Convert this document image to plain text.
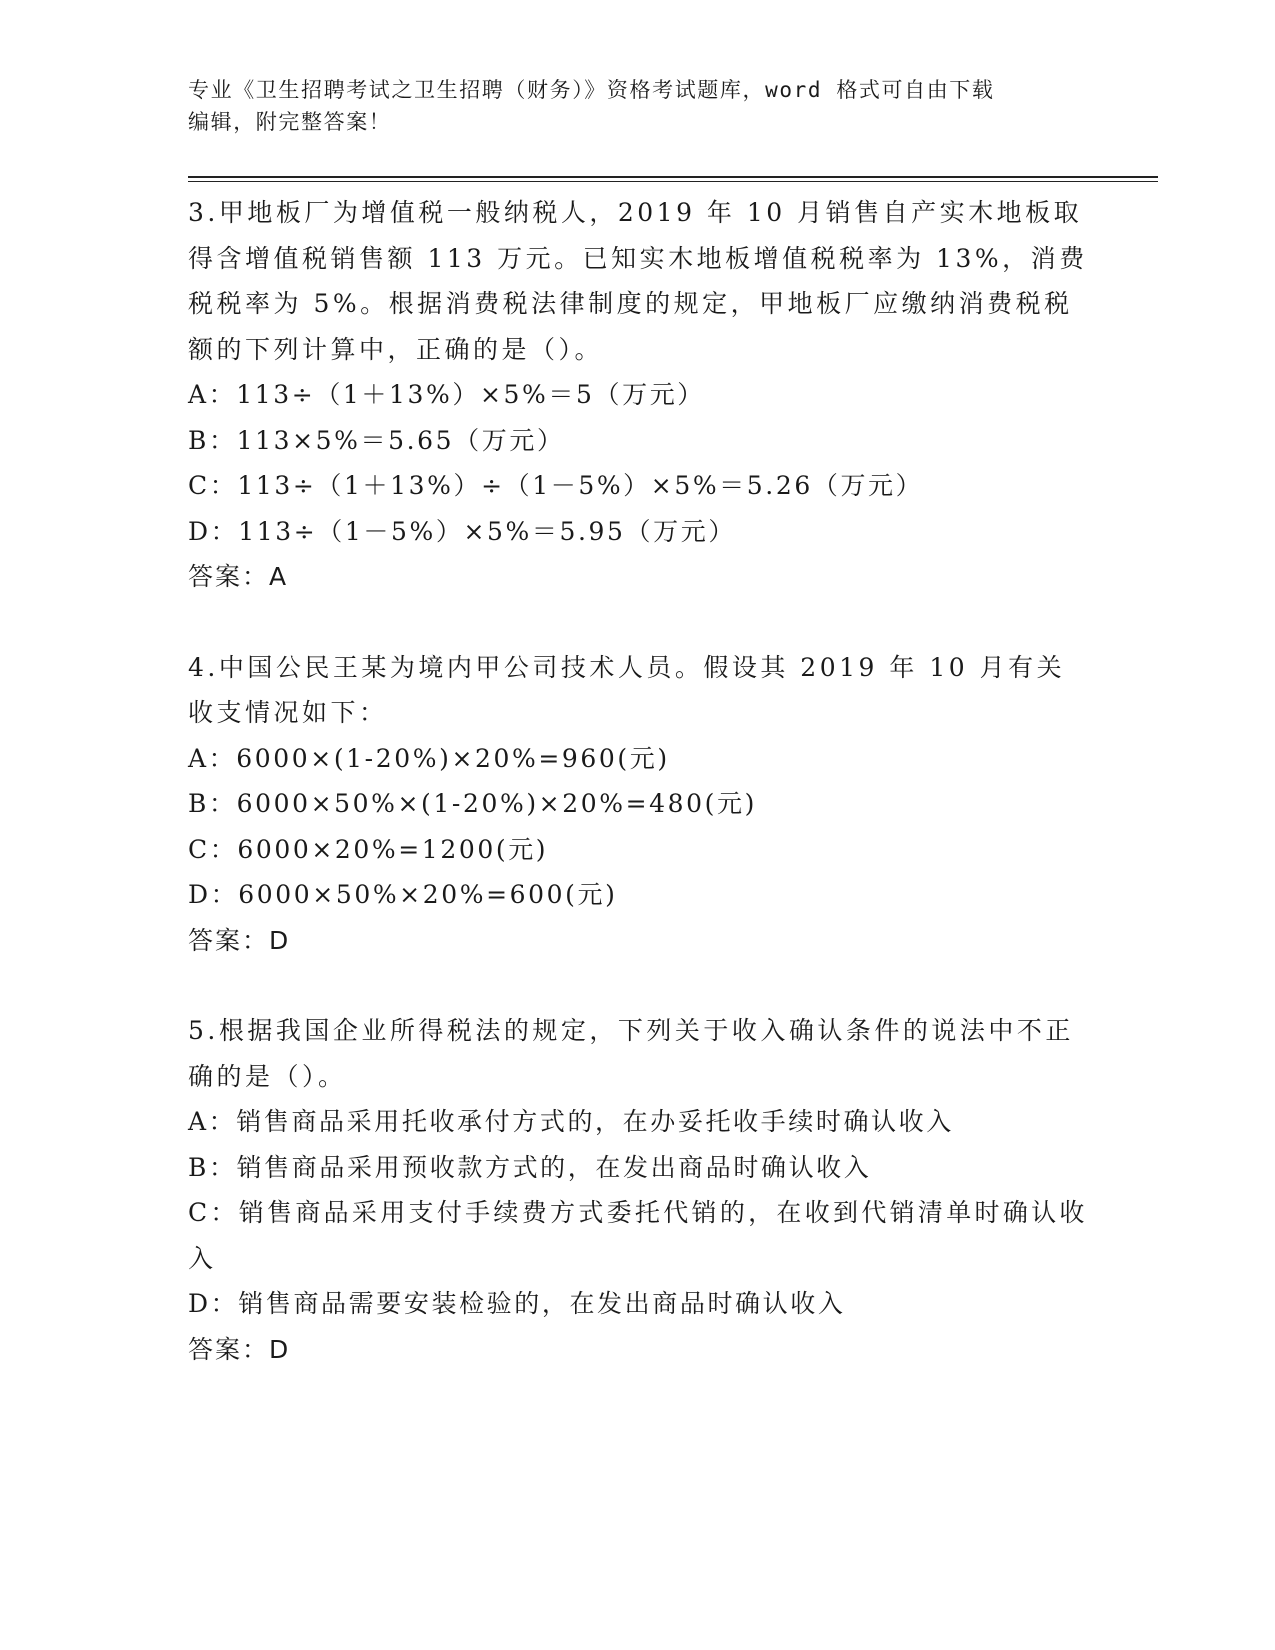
专业《卫生招聘考试之卫生招聘（财务）》资格考试题库，word 格式可自由下载
编辑，附完整答案！

3.甲地板厂为增值税一般纳税人，2019 年 10 月销售自产实木地板取得含增值税销售额 113 万元。已知实木地板增值税税率为 13%，消费税税率为 5%。根据消费税法律制度的规定，甲地板厂应缴纳消费税税额的下列计算中，正确的是（）。

A：113÷（1＋13%）×5%＝5（万元）

B：113×5%＝5.65（万元）

C：113÷（1＋13%）÷（1－5%）×5%＝5.26（万元）

D：113÷（1－5%）×5%＝5.95（万元）

答案：A

4.中国公民王某为境内甲公司技术人员。假设其 2019 年 10 月有关收支情况如下：

A：6000×(1-20%)×20%=960(元)

B：6000×50%×(1-20%)×20%=480(元)

C：6000×20%=1200(元)

D：6000×50%×20%=600(元)

答案：D

5.根据我国企业所得税法的规定，下列关于收入确认条件的说法中不正确的是（）。

A：销售商品采用托收承付方式的，在办妥托收手续时确认收入

B：销售商品采用预收款方式的，在发出商品时确认收入

C：销售商品采用支付手续费方式委托代销的，在收到代销清单时确认收入

D：销售商品需要安装检验的，在发出商品时确认收入

答案：D
